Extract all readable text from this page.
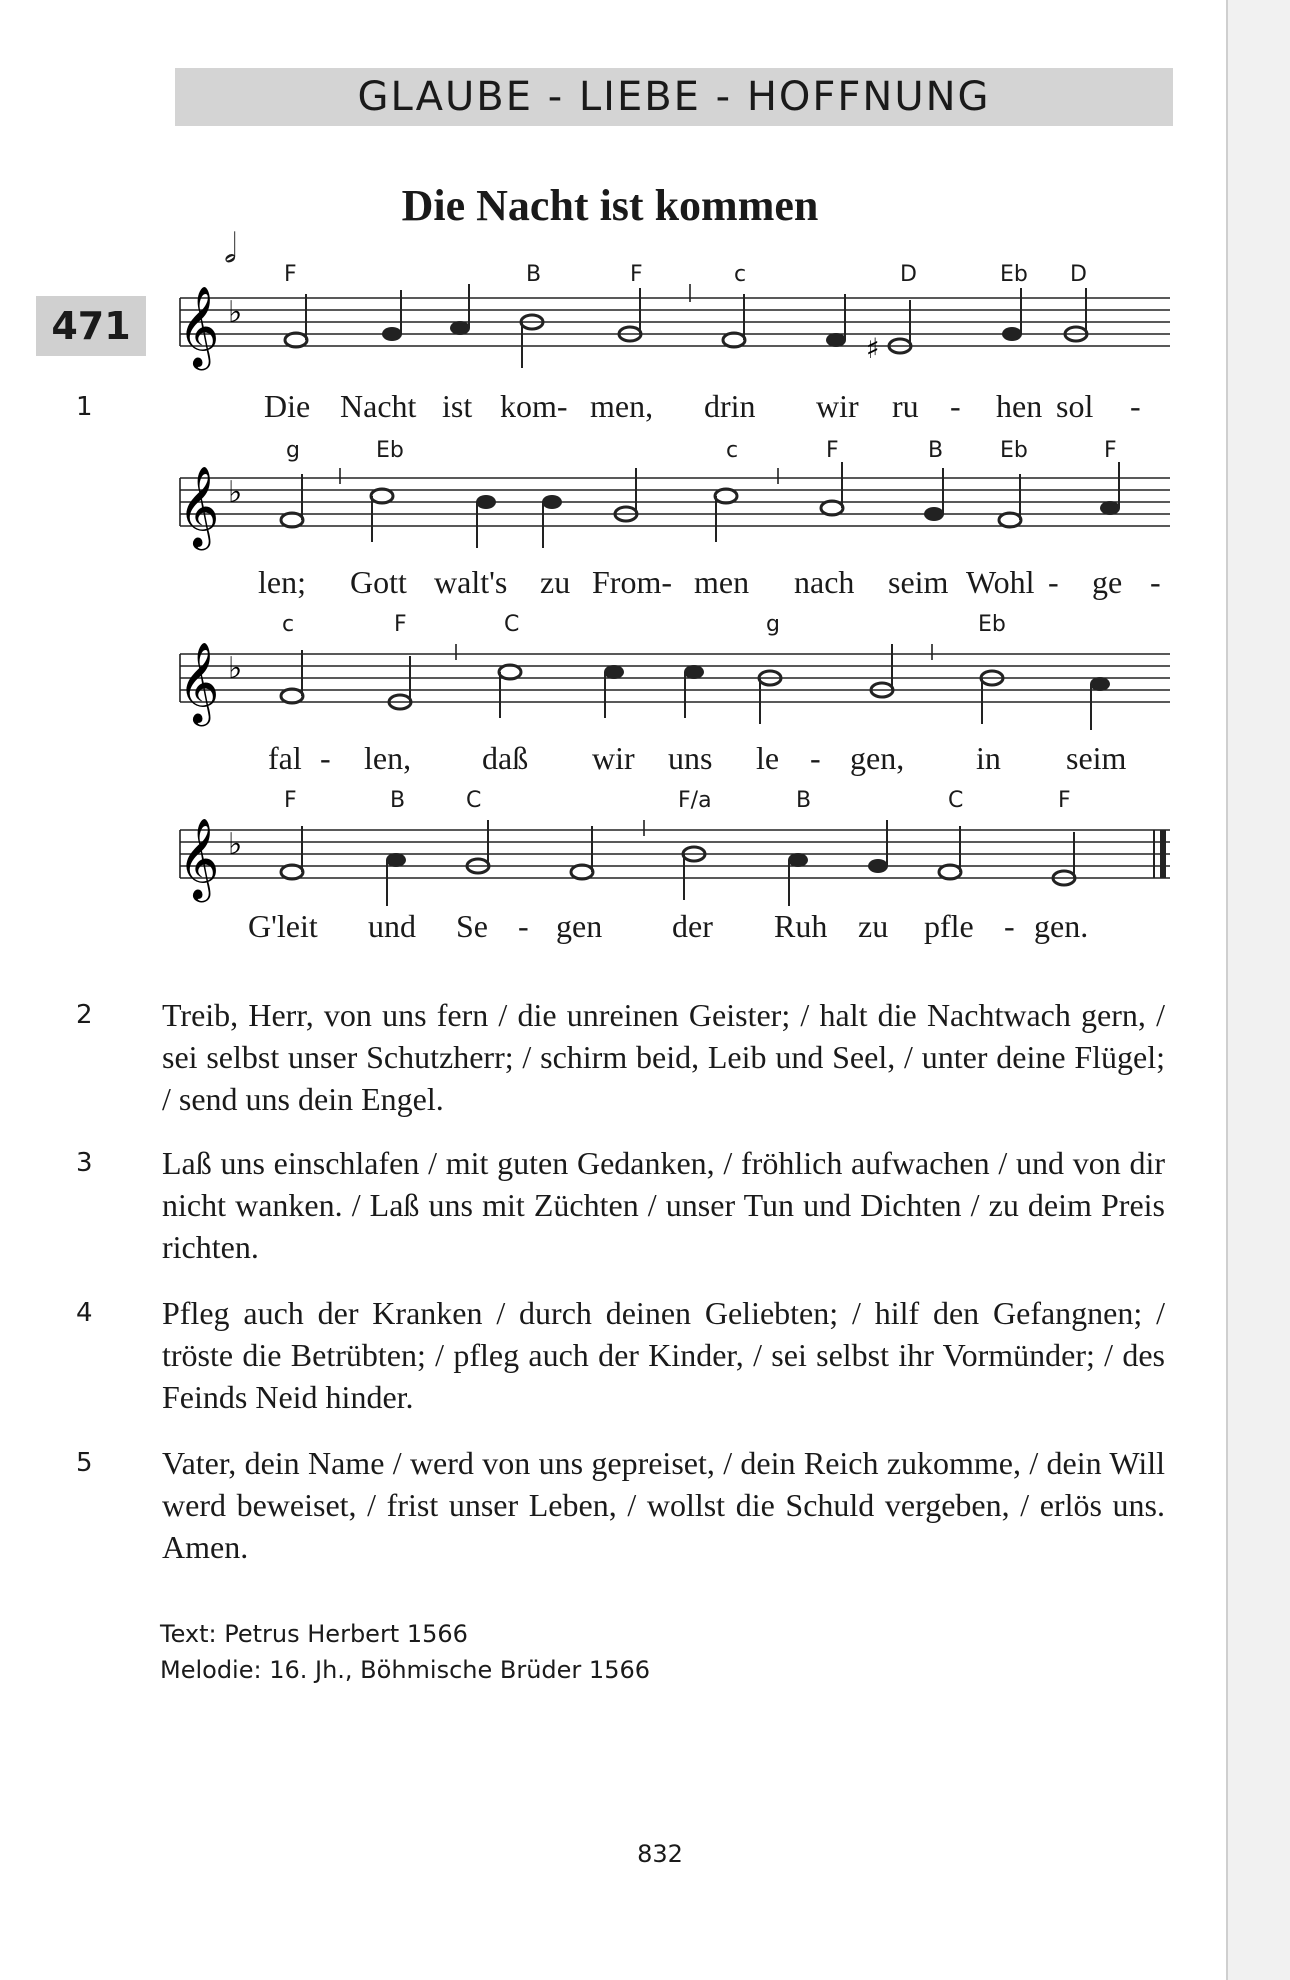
GLAUBE - LIEBE - HOFFNUNG
471
Die Nacht ist kommen
1
𝅗𝅥
𝄞 ♭
♯
𝄞 ♭
𝄞 ♭
𝄞 ♭
F	B	F	c	D	Eb D
Die Nacht ist kom- men, drin wir ru - hen sol -
g	Eb	c	F	B	Eb	F
len; Gott walt's zu From- men nach seim Wohl - ge -
c	F	C	g	Eb
fal - len, daß wir uns le - gen, in seim
F	B	C	F/a	B	C	F
G'leit und Se - gen der Ruh zu pfle - gen.
2 Treib, Herr, von uns fern / die unreinen Geister; / halt die Nachtwach gern, / sei selbst unser Schutzherr; / schirm beid, Leib und Seel, / unter deine Flügel; / send uns dein Engel.
3 Laß uns einschlafen / mit guten Gedanken, / fröhlich aufwachen / und von dir nicht wanken. / Laß uns mit Züchten / unser Tun und Dichten / zu deim Preis richten.
4 Pfleg auch der Kranken / durch deinen Geliebten; / hilf den Gefangnen; / tröste die Betrübten; / pfleg auch der Kinder, / sei selbst ihr Vormünder; / des Feinds Neid hinder.
5 Vater, dein Name / werd von uns gepreiset, / dein Reich zukomme, / dein Will werd beweiset, / frist unser Leben, / wollst die Schuld vergeben, / erlös uns. Amen.
Text: Petrus Herbert 1566
Melodie: 16. Jh., Böhmische Brüder 1566
832
